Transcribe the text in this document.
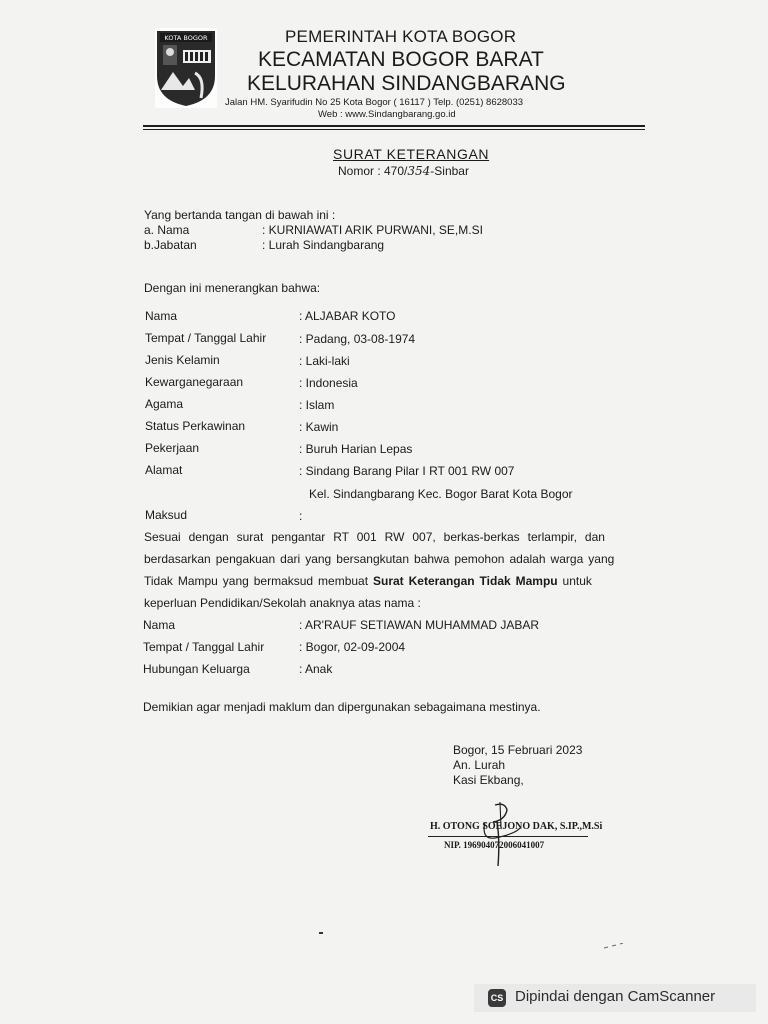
KOTA BOGOR	PEMERINTAH KOTA BOGOR
KECAMATAN BOGOR BARAT
KELURAHAN SINDANGBARANG
Jalan HM. Syarifudin No 25 Kota Bogor ( 16117 ) Telp. (0251) 8628033
Web : www.Sindangbarang.go.id
SURAT KETERANGAN
Nomor : 470/354-Sinbar
Yang bertanda tangan di bawah ini :
a. Nama	: KURNIAWATI ARIK PURWANI, SE,M.SI
b.Jabatan	: Lurah Sindangbarang
Dengan ini menerangkan bahwa:
Nama	: ALJABAR KOTO
Tempat / Tanggal Lahir	: Padang, 03-08-1974
Jenis Kelamin	: Laki-laki
Kewarganegaraan	: Indonesia
Agama	: Islam
Status Perkawinan	: Kawin
Pekerjaan	: Buruh Harian Lepas
Alamat	: Sindang Barang Pilar I RT 001 RW 007
Kel. Sindangbarang Kec. Bogor Barat Kota Bogor
Maksud	:
Sesuai dengan surat pengantar RT 001 RW 007, berkas-berkas terlampir, dan
berdasarkan pengakuan dari yang bersangkutan bahwa pemohon adalah warga yang
Tidak Mampu yang bermaksud membuat Surat Keterangan Tidak Mampu untuk
keperluan Pendidikan/Sekolah anaknya atas nama :
Nama	: AR'RAUF SETIAWAN MUHAMMAD JABAR
Tempat / Tanggal Lahir	: Bogor, 02-09-2004
Hubungan Keluarga	: Anak
Demikian agar menjadi maklum dan dipergunakan sebagaimana mestinya.
Bogor, 15 Februari 2023
An. Lurah
Kasi Ekbang,
H. OTONG SOEJONO DAK, S.IP.,M.Si
NIP. 196904072006041007
CS Dipindai dengan CamScanner
